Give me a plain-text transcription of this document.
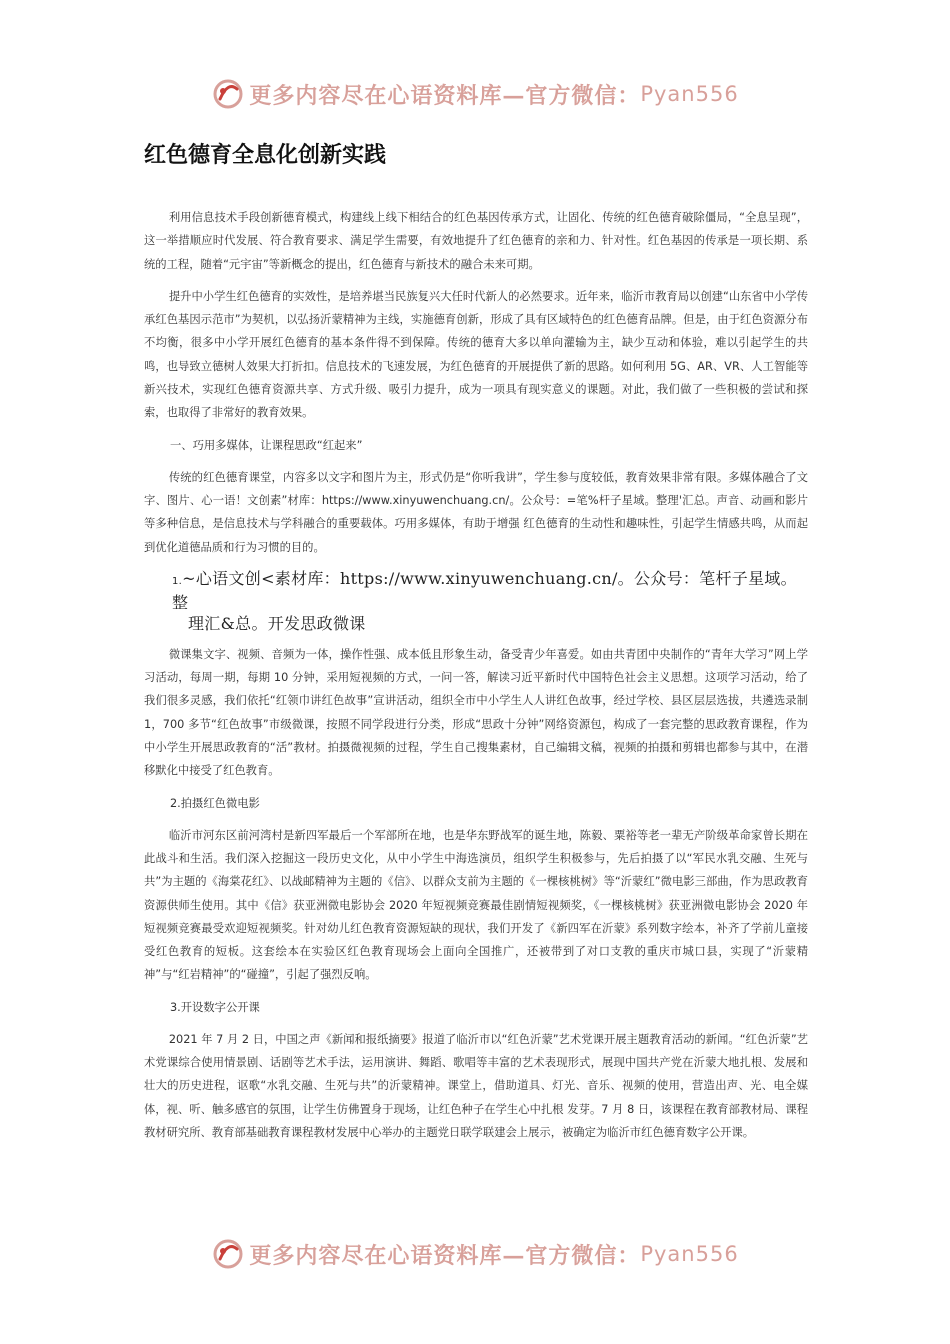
更多内容尽在心语资料库—官方微信： Pyan556
红色德育全息化创新实践

利用信息技术手段创新德育模式，构建线上线下相结合的红色基因传承方式，让固化、传统的红色德育破除僵局，“全息呈现”，这一举措顺应时代发展、符合教育要求、满足学生需要，有效地提升了红色德育的亲和力、针对性。红色基因的传承是一项长期、系统的工程，随着“元宇宙”等新概念的提出，红色德育与新技术的融合未来可期。

提升中小学生红色德育的实效性，是培养堪当民族复兴大任时代新人的必然要求。近年来，临沂市教育局以创建“山东省中小学传承红色基因示范市”为契机，以弘扬沂蒙精神为主线，实施德育创新，形成了具有区域特色的红色德育品牌。但是，由于红色资源分布不均衡，很多中小学开展红色德育的基本条件得不到保障。传统的德育大多以单向灌输为主，缺少互动和体验，难以引起学生的共鸣，也导致立德树人效果大打折扣。信息技术的飞速发展，为红色德育的开展提供了新的思路。如何利用 5G、AR、VR、人工智能等新兴技术，实现红色德育资源共享、方式升级、吸引力提升，成为一项具有现实意义的课题。对此，我们做了一些积极的尝试和探索，也取得了非常好的教育效果。

一、巧用多媒体，让课程思政“红起来”

传统的红色德育课堂，内容多以文字和图片为主，形式仍是“你听我讲”，学生参与度较低，教育效果非常有限。多媒体融合了文字、图片、心一语！文创素”材库：https://www.xinyuwenchuang.cn/。公众号：=笔%杆子星域。整理'汇总。声音、动画和影片等多种信息，是信息技术与学科融合的重要载体。巧用多媒体，有助于增强 红色德育的生动性和趣味性，引起学生情感共鸣，从而起到优化道德品质和行为习惯的目的。

1.~心语文创<素材库：https://www.xinyuwenchuang.cn/。公众号：笔杆子星域。整
理汇&总。开发思政微课

微课集文字、视频、音频为一体，操作性强、成本低且形象生动，备受青少年喜爱。如由共青团中央制作的“青年大学习”网上学习活动，每周一期，每期 10 分钟，采用短视频的方式，一问一答，解读习近平新时代中国特色社会主义思想。这项学习活动，给了我们很多灵感，我们依托“红领巾讲红色故事”宣讲活动，组织全市中小学生人人讲红色故事，经过学校、县区层层选拔，共遴选录制 1，700 多节“红色故事”市级微课，按照不同学段进行分类，形成“思政十分钟”网络资源包，构成了一套完整的思政教育课程，作为中小学生开展思政教育的“活”教材。拍摄微视频的过程，学生自己搜集素材，自己编辑文稿，视频的拍摄和剪辑也都参与其中，在潜移默化中接受了红色教育。

2.拍摄红色微电影

临沂市河东区前河湾村是新四军最后一个军部所在地，也是华东野战军的诞生地，陈毅、粟裕等老一辈无产阶级革命家曾长期在此战斗和生活。我们深入挖掘这一段历史文化，从中小学生中海选演员，组织学生积极参与，先后拍摄了以“军民水乳交融、生死与共”为主题的《海棠花红》、以战邮精神为主题的《信》、以群众支前为主题的《一棵核桃树》等“沂蒙红”微电影三部曲，作为思政教育资源供师生使用。其中《信》获亚洲微电影协会 2020 年短视频竞赛最佳剧情短视频奖，《一棵核桃树》获亚洲微电影协会 2020 年短视频竞赛最受欢迎短视频奖。针对幼儿红色教育资源短缺的现状，我们开发了《新四军在沂蒙》系列数字绘本，补齐了学前儿童接受红色教育的短板。这套绘本在实验区红色教育现场会上面向全国推广，还被带到了对口支教的重庆市城口县，实现了“沂蒙精神”与“红岩精神”的“碰撞”，引起了强烈反响。

3.开设数字公开课

2021 年 7 月 2 日，中国之声《新闻和报纸摘要》报道了临沂市以“红色沂蒙”艺术党课开展主题教育活动的新闻。“红色沂蒙”艺术党课综合使用情景剧、话剧等艺术手法，运用演讲、舞蹈、歌唱等丰富的艺术表现形式，展现中国共产党在沂蒙大地扎根、发展和壮大的历史进程，讴歌“水乳交融、生死与共”的沂蒙精神。课堂上，借助道具、灯光、音乐、视频的使用，营造出声、光、电全媒体，视、听、触多感官的氛围，让学生仿佛置身于现场，让红色种子在学生心中扎根 发芽。7 月 8 日，该课程在教育部教材局、课程教材研究所、教育部基础教育课程教材发展中心举办的主题党日联学联建会上展示，被确定为临沂市红色德育数字公开课。

更多内容尽在心语资料库—官方微信： Pyan556
